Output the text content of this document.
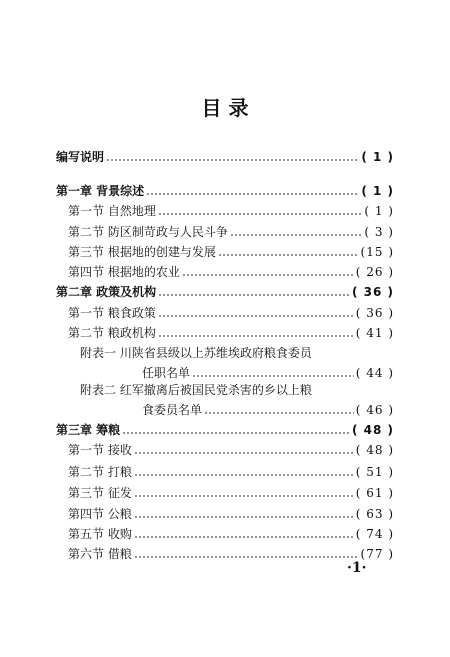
目 录
编写说明	( 1 )
第一章 背景综述	( 1 )
第一节 自然地理	( 1 )
第二节 防区制苛政与人民斗争	( 3 )
第三节 根据地的创建与发展	(15 )
第四节 根据地的农业	( 26 )
第二章 政策及机构	( 36 )
第一节 粮食政策	( 36 )
第二节 粮政机构	( 41 )
附表一 川陕省县级以上苏维埃政府粮食委员
任职名单	( 44 )
附表二 红军撤离后被国民党杀害的乡以上粮
食委员名单	( 46 )
第三章 筹粮	( 48 )
第一节 接收	( 48 )
第二节 打粮	( 51 )
第三节 征发	( 61 )
第四节 公粮	( 63 )
第五节 收购	( 74 )
第六节 借粮	(77 )
·1·
